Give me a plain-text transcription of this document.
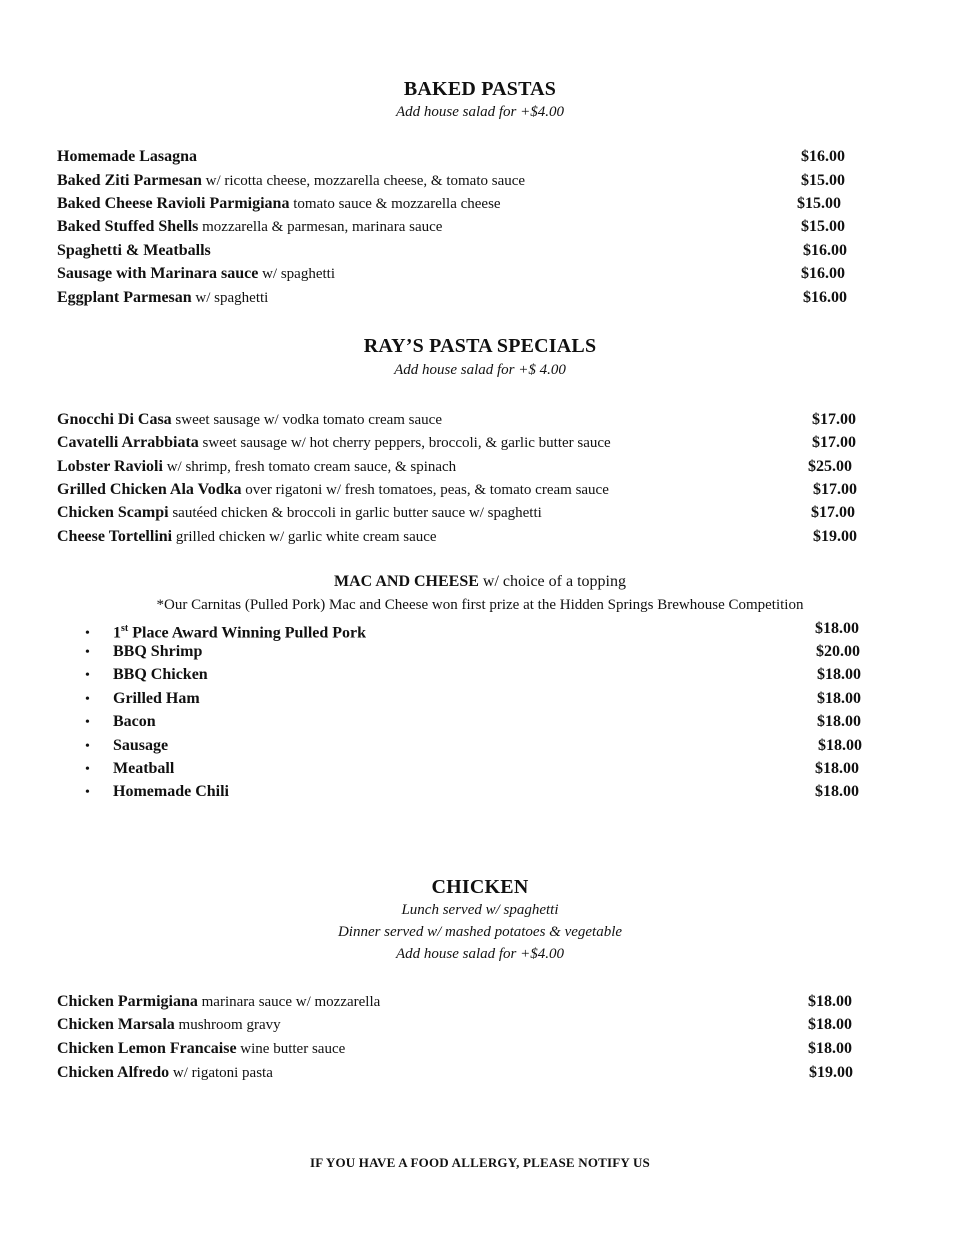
BAKED PASTAS
Add house salad for +$4.00
Homemade Lasagna	$16.00
Baked Ziti Parmesan w/ ricotta cheese, mozzarella cheese, & tomato sauce	$15.00
Baked Cheese Ravioli Parmigiana tomato sauce & mozzarella cheese	$15.00
Baked Stuffed Shells mozzarella & parmesan, marinara sauce	$15.00
Spaghetti & Meatballs	$16.00
Sausage with Marinara sauce w/ spaghetti	$16.00
Eggplant Parmesan w/ spaghetti	$16.00
RAY’S PASTA SPECIALS
Add house salad for +$ 4.00
Gnocchi Di Casa sweet sausage w/ vodka tomato cream sauce	$17.00
Cavatelli Arrabbiata sweet sausage w/ hot cherry peppers, broccoli, & garlic butter sauce	$17.00
Lobster Ravioli w/ shrimp, fresh tomato cream sauce, & spinach	$25.00
Grilled Chicken Ala Vodka over rigatoni w/ fresh tomatoes, peas, & tomato cream sauce	$17.00
Chicken Scampi sautéed chicken & broccoli in garlic butter sauce w/ spaghetti	$17.00
Cheese Tortellini grilled chicken w/ garlic white cream sauce	$19.00
MAC AND CHEESE w/ choice of a topping
*Our Carnitas (Pulled Pork) Mac and Cheese won first prize at the Hidden Springs Brewhouse Competition
• 1st Place Award Winning Pulled Pork	$18.00
• BBQ Shrimp	$20.00
• BBQ Chicken	$18.00
• Grilled Ham	$18.00
• Bacon	$18.00
• Sausage	$18.00
• Meatball	$18.00
• Homemade Chili	$18.00
CHICKEN
Lunch served w/ spaghetti
Dinner served w/ mashed potatoes & vegetable
Add house salad for +$4.00
Chicken Parmigiana marinara sauce w/ mozzarella	$18.00
Chicken Marsala mushroom gravy	$18.00
Chicken Lemon Francaise wine butter sauce	$18.00
Chicken Alfredo w/ rigatoni pasta	$19.00
IF YOU HAVE A FOOD ALLERGY, PLEASE NOTIFY US
